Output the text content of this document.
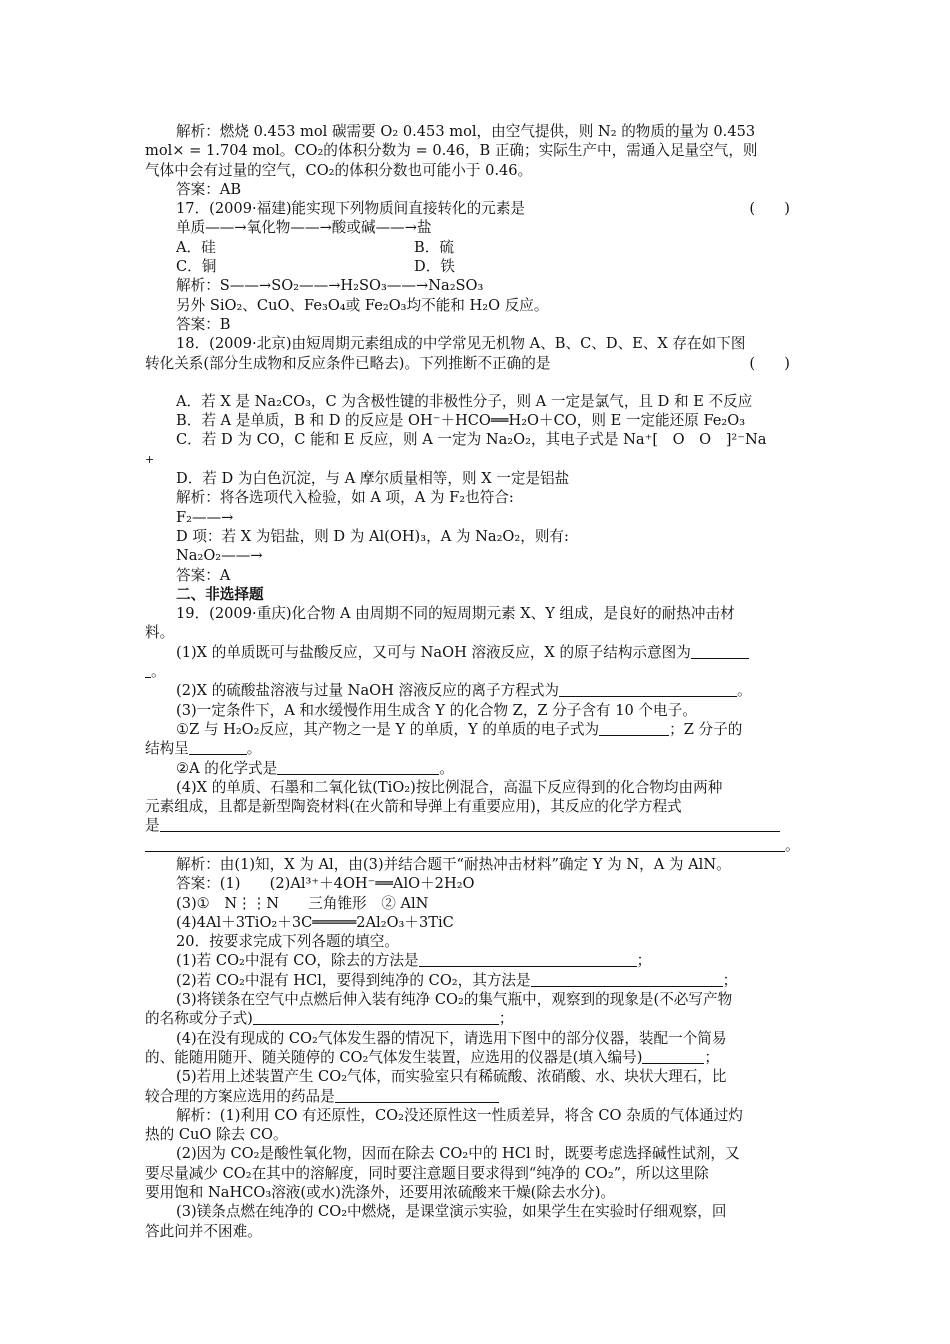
解析：燃烧 0.453 mol 碳需要 O₂ 0.453 mol，由空气提供，则 N₂ 的物质的量为 0.453
mol× = 1.704 mol。CO₂的体积分数为 = 0.46，B 正确；实际生产中，需通入足量空气，则
气体中会有过量的空气，CO₂的体积分数也可能小于 0.46。
答案：AB
17．(2009·福建)能实现下列物质间直接转化的元素是	(　　)
单质——→氧化物——→酸或碱——→盐
A．硅	B．硫
C．铜	D．铁
解析：S——→SO₂——→H₂SO₃——→Na₂SO₃
另外 SiO₂、CuO、Fe₃O₄或 Fe₂O₃均不能和 H₂O 反应。
答案：B
18．(2009·北京)由短周期元素组成的中学常见无机物 A、B、C、D、E、X 存在如下图
转化关系(部分生成物和反应条件已略去)。下列推断不正确的是	(　　)
A．若 X 是 Na₂CO₃，C 为含极性键的非极性分子，则 A 一定是氯气，且 D 和 E 不反应
B．若 A 是单质，B 和 D 的反应是 OH⁻＋HCO══H₂O＋CO，则 E 一定能还原 Fe₂O₃
C．若 D 为 CO，C 能和 E 反应，则 A 一定为 Na₂O₂，其电子式是 Na⁺[　O　O　]²⁻Na
+
D．若 D 为白色沉淀，与 A 摩尔质量相等，则 X 一定是铝盐
解析：将各选项代入检验，如 A 项，A 为 F₂也符合:
F₂——→
D 项：若 X 为铝盐，则 D 为 Al(OH)₃，A 为 Na₂O₂，则有:
Na₂O₂——→
答案：A
二、非选择题
19．(2009·重庆)化合物 A 由周期不同的短周期元素 X、Y 组成，是良好的耐热冲击材
料。
(1)X 的单质既可与盐酸反应，又可与 NaOH 溶液反应，X 的原子结构示意图为
。
(2)X 的硫酸盐溶液与过量 NaOH 溶液反应的离子方程式为	。
(3)一定条件下，A 和水缓慢作用生成含 Y 的化合物 Z，Z 分子含有 10 个电子。
①Z 与 H₂O₂反应，其产物之一是 Y 的单质，Y 的单质的电子式为	；Z 分子的
结构呈	。
②A 的化学式是	。
(4)X 的单质、石墨和二氧化钛(TiO₂)按比例混合，高温下反应得到的化合物均由两种
元素组成，且都是新型陶瓷材料(在火箭和导弹上有重要应用)，其反应的化学方程式
是
。
解析：由(1)知，X 为 Al，由(3)并结合题干“耐热冲击材料”确定 Y 为 N，A 为 AlN。
答案：(1)　　(2)Al³⁺＋4OH⁻══AlO＋2H₂O
(3)①　N⋮⋮N　　三角锥形　② AlN
(4)4Al＋3TiO₂＋3C═════2Al₂O₃＋3TiC
20．按要求完成下列各题的填空。
(1)若 CO₂中混有 CO，除去的方法是	；
(2)若 CO₂中混有 HCl，要得到纯净的 CO₂，其方法是	；
(3)将镁条在空气中点燃后伸入装有纯净 CO₂的集气瓶中，观察到的现象是(不必写产物
的名称或分子式)	；
(4)在没有现成的 CO₂气体发生器的情况下，请选用下图中的部分仪器，装配一个简易
的、能随用随开、随关随停的 CO₂气体发生装置，应选用的仪器是(填入编号)	；
(5)若用上述装置产生 CO₂气体，而实验室只有稀硫酸、浓硝酸、水、块状大理石，比
较合理的方案应选用的药品是
解析：(1)利用 CO 有还原性，CO₂没还原性这一性质差异，将含 CO 杂质的气体通过灼
热的 CuO 除去 CO。
(2)因为 CO₂是酸性氧化物，因而在除去 CO₂中的 HCl 时，既要考虑选择碱性试剂，又
要尽量减少 CO₂在其中的溶解度，同时要注意题目要求得到“纯净的 CO₂”，所以这里除
要用饱和 NaHCO₃溶液(或水)洗涤外，还要用浓硫酸来干燥(除去水分)。
(3)镁条点燃在纯净的 CO₂中燃烧，是课堂演示实验，如果学生在实验时仔细观察，回
答此问并不困难。
